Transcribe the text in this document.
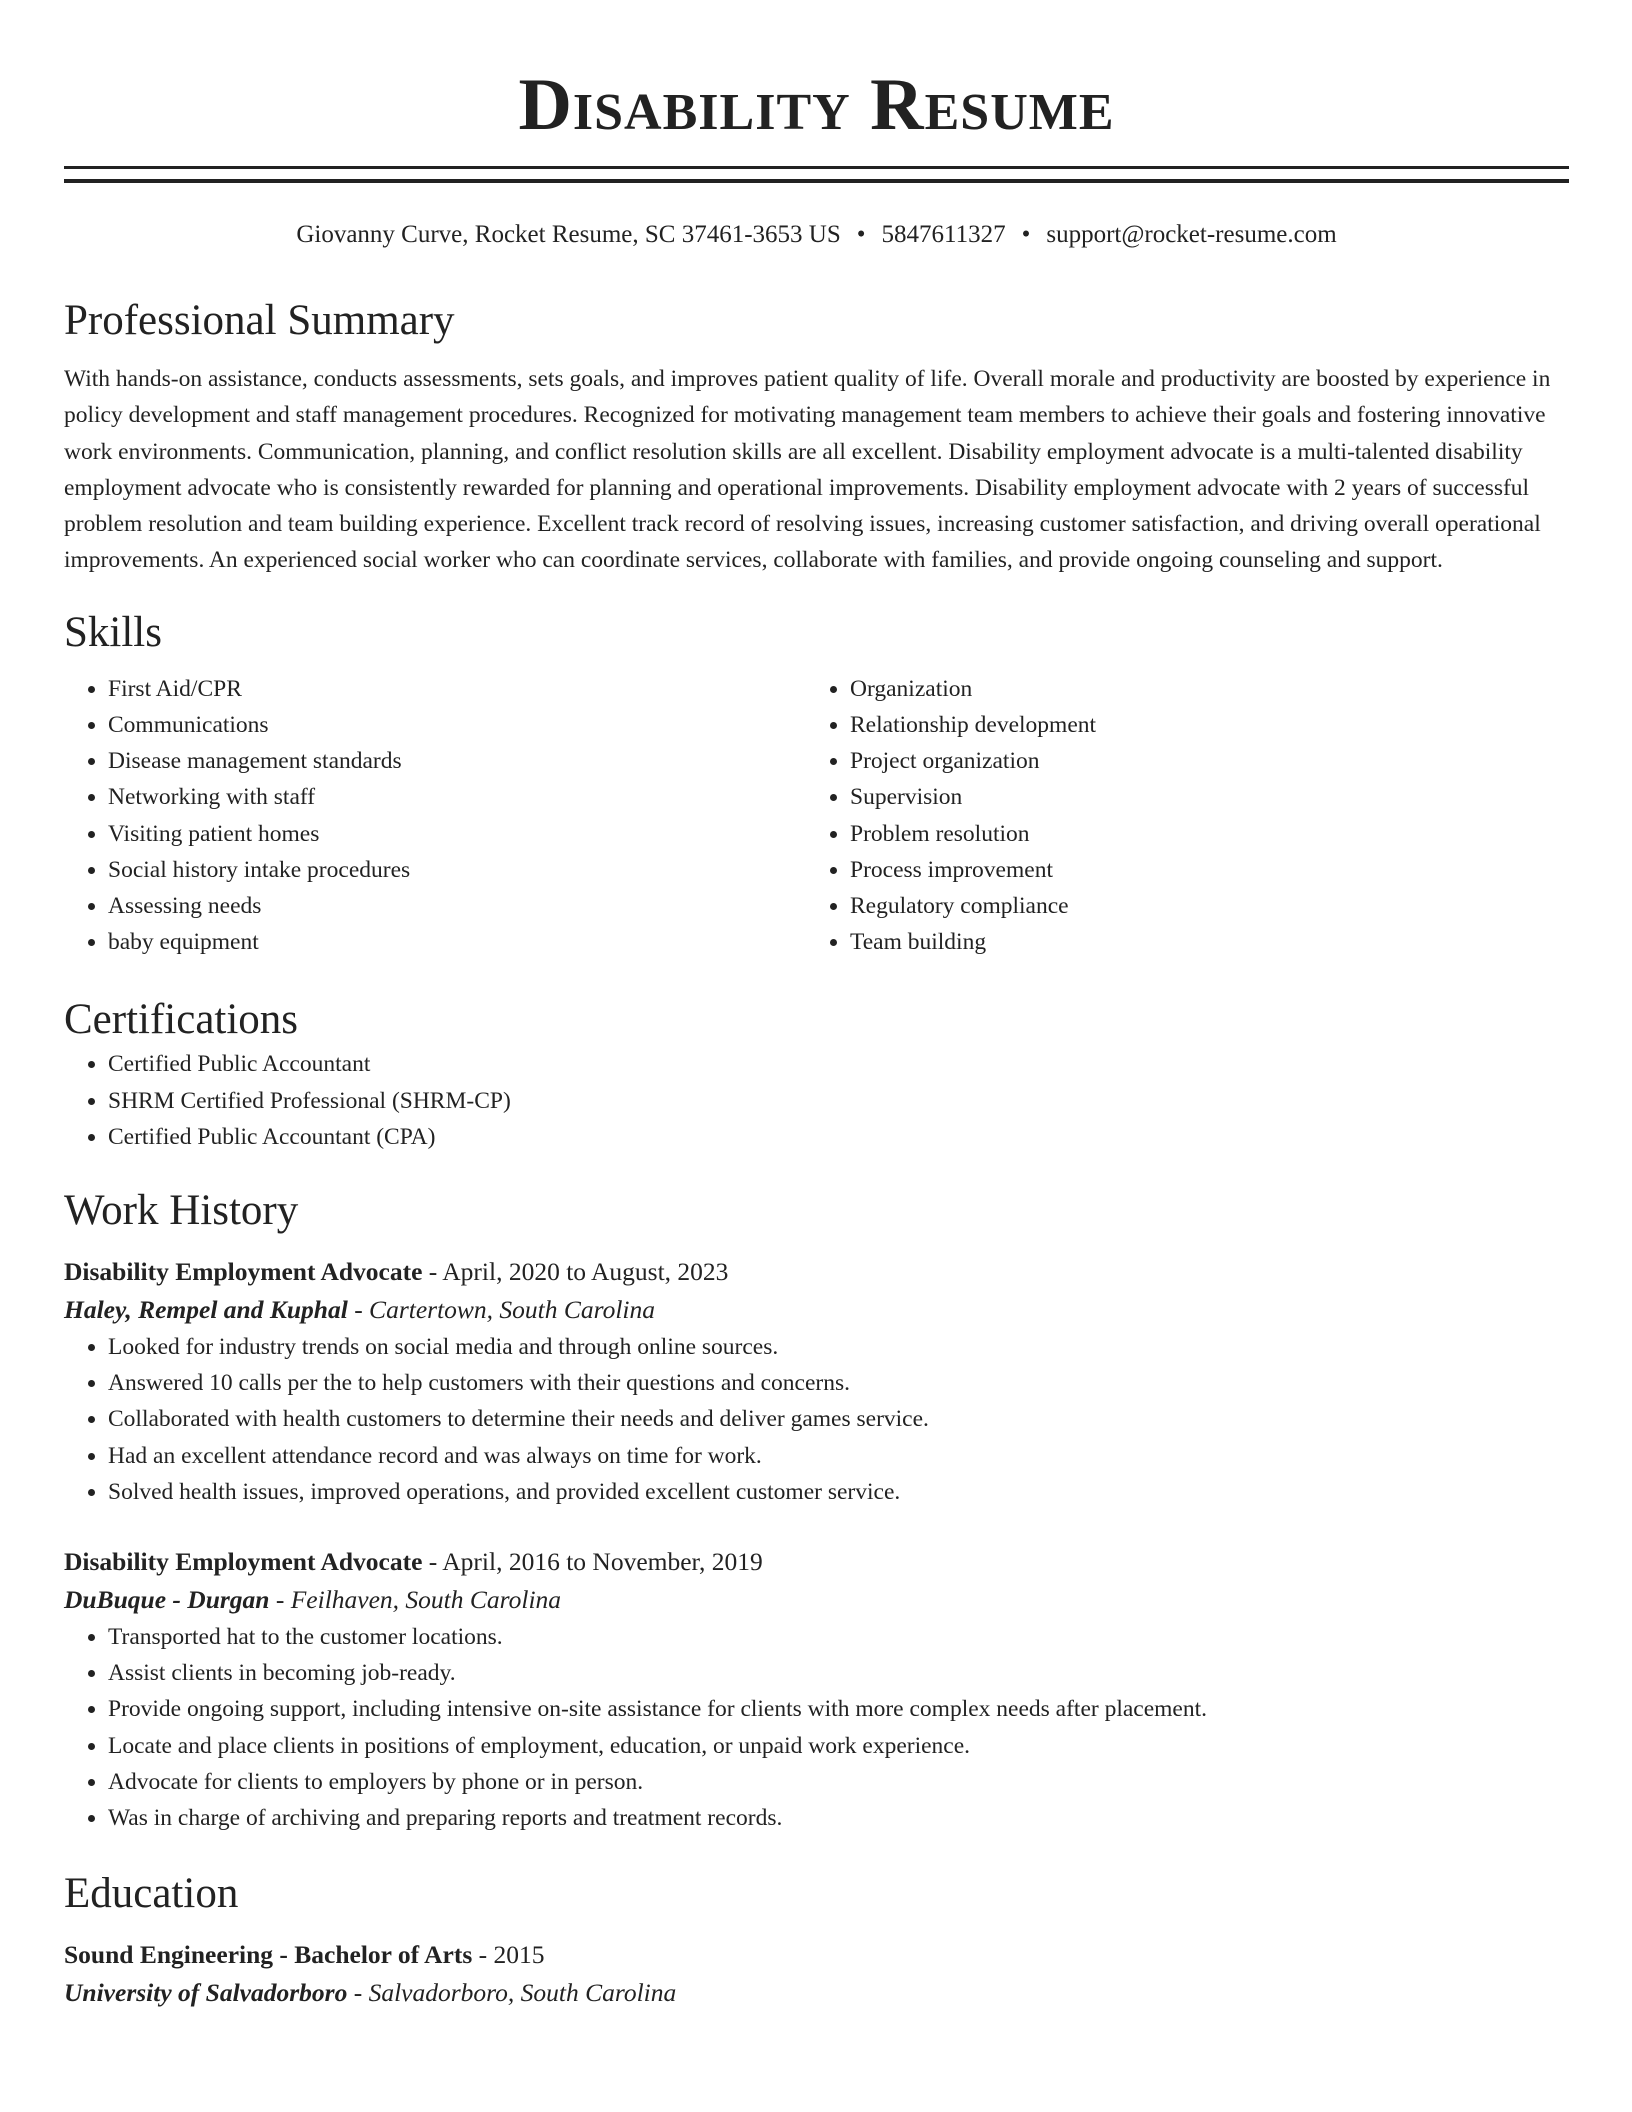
Disability Resume
Giovanny Curve, Rocket Resume, SC 37461-3653 US • 5847611327 • support@rocket-resume.com
Professional Summary
With hands-on assistance, conducts assessments, sets goals, and improves patient quality of life. Overall morale and productivity are boosted by experience in policy development and staff management procedures. Recognized for motivating management team members to achieve their goals and fostering innovative work environments. Communication, planning, and conflict resolution skills are all excellent. Disability employment advocate is a multi-talented disability employment advocate who is consistently rewarded for planning and operational improvements. Disability employment advocate with 2 years of successful problem resolution and team building experience. Excellent track record of resolving issues, increasing customer satisfaction, and driving overall operational improvements. An experienced social worker who can coordinate services, collaborate with families, and provide ongoing counseling and support.
Skills
• First Aid/CPR
• Communications
• Disease management standards
• Networking with staff
• Visiting patient homes
• Social history intake procedures
• Assessing needs
• baby equipment
• Organization
• Relationship development
• Project organization
• Supervision
• Problem resolution
• Process improvement
• Regulatory compliance
• Team building
Certifications
• Certified Public Accountant
• SHRM Certified Professional (SHRM-CP)
• Certified Public Accountant (CPA)
Work History
Disability Employment Advocate - April, 2020 to August, 2023
Haley, Rempel and Kuphal - Cartertown, South Carolina
• Looked for industry trends on social media and through online sources.
• Answered 10 calls per the to help customers with their questions and concerns.
• Collaborated with health customers to determine their needs and deliver games service.
• Had an excellent attendance record and was always on time for work.
• Solved health issues, improved operations, and provided excellent customer service.
Disability Employment Advocate - April, 2016 to November, 2019
DuBuque - Durgan - Feilhaven, South Carolina
• Transported hat to the customer locations.
• Assist clients in becoming job-ready.
• Provide ongoing support, including intensive on-site assistance for clients with more complex needs after placement.
• Locate and place clients in positions of employment, education, or unpaid work experience.
• Advocate for clients to employers by phone or in person.
• Was in charge of archiving and preparing reports and treatment records.
Education
Sound Engineering - Bachelor of Arts - 2015
University of Salvadorboro - Salvadorboro, South Carolina
